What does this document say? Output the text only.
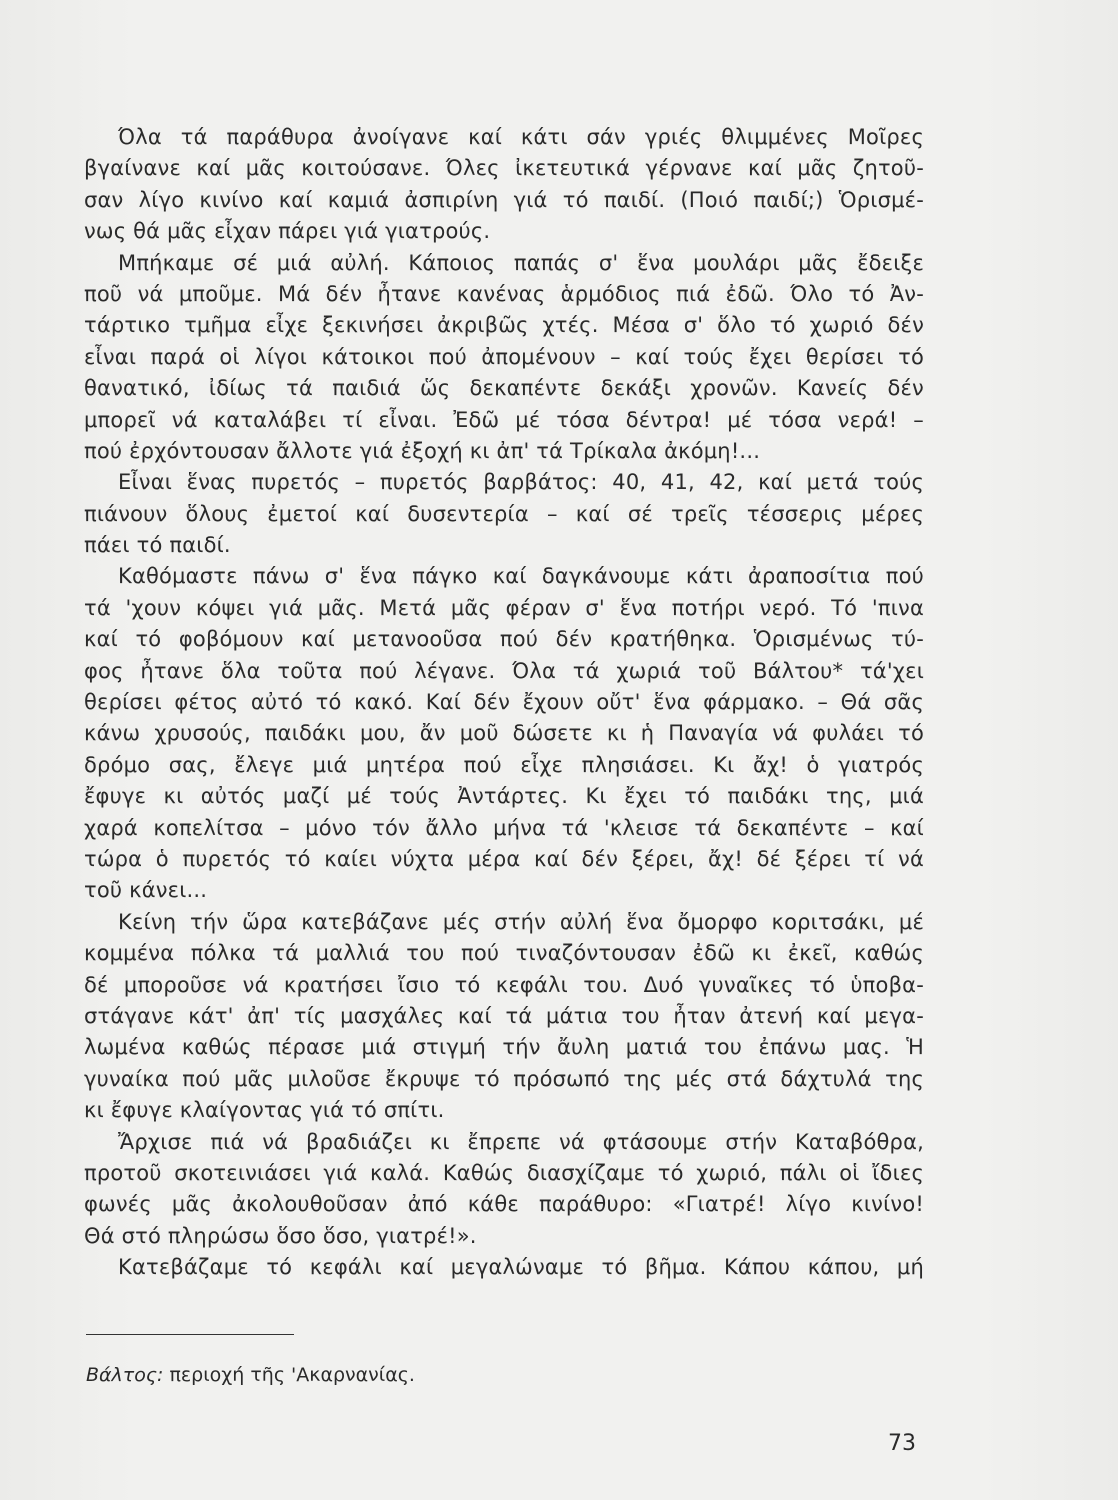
Όλα τά παράθυρα ἀνοίγανε καί κάτι σάν γριές θλιμμένες Μοῖρες
βγαίνανε καί μᾶς κοιτούσανε. Όλες ἰκετευτικά γέρνανε καί μᾶς ζητοῦ-
σαν λίγο κινίνο καί καμιά ἀσπιρίνη γιά τό παιδί. (Ποιό παιδί;) Ὁρισμέ-
νως θά μᾶς εἶχαν πάρει γιά γιατρούς.
Μπήκαμε σέ μιά αὐλή. Κάποιος παπάς σ' ἕνα μουλάρι μᾶς ἔδειξε
ποῦ νά μποῦμε. Μά δέν ἦτανε κανένας ἁρμόδιος πιά ἐδῶ. Όλο τό Ἀν-
τάρτικο τμῆμα εἶχε ξεκινήσει ἀκριβῶς χτές. Μέσα σ' ὅλο τό χωριό δέν
εἶναι παρά οἱ λίγοι κάτοικοι πού ἀπομένουν – καί τούς ἔχει θερίσει τό
θανατικό, ἰδίως τά παιδιά ὥς δεκαπέντε δεκάξι χρονῶν. Κανείς δέν
μπορεῖ νά καταλάβει τί εἶναι. Ἐδῶ μέ τόσα δέντρα! μέ τόσα νερά! –
πού ἐρχόντουσαν ἄλλοτε γιά ἐξοχή κι ἀπ' τά Τρίκαλα ἀκόμη!...
Εἶναι ἕνας πυρετός – πυρετός βαρβάτος: 40, 41, 42, καί μετά τούς
πιάνουν ὅλους ἐμετοί καί δυσεντερία – καί σέ τρεῖς τέσσερις μέρες
πάει τό παιδί.
Καθόμαστε πάνω σ' ἕνα πάγκο καί δαγκάνουμε κάτι ἀραποσίτια πού
τά 'χουν κόψει γιά μᾶς. Μετά μᾶς φέραν σ' ἕνα ποτήρι νερό. Τό 'πινα
καί τό φοβόμουν καί μετανοοῦσα πού δέν κρατήθηκα. Ὁρισμένως τύ-
φος ἦτανε ὅλα τοῦτα πού λέγανε. Όλα τά χωριά τοῦ Βάλτου* τά'χει
θερίσει φέτος αὐτό τό κακό. Καί δέν ἔχουν οὔτ' ἕνα φάρμακο. – Θά σᾶς
κάνω χρυσούς, παιδάκι μου, ἄν μοῦ δώσετε κι ἡ Παναγία νά φυλάει τό
δρόμο σας, ἔλεγε μιά μητέρα πού εἶχε πλησιάσει. Κι ἄχ! ὁ γιατρός
ἔφυγε κι αὐτός μαζί μέ τούς Ἀντάρτες. Κι ἔχει τό παιδάκι της, μιά
χαρά κοπελίτσα – μόνο τόν ἄλλο μήνα τά 'κλεισε τά δεκαπέντε – καί
τώρα ὁ πυρετός τό καίει νύχτα μέρα καί δέν ξέρει, ἄχ! δέ ξέρει τί νά
τοῦ κάνει...
Κείνη τήν ὥρα κατεβάζανε μές στήν αὐλή ἕνα ὄμορφο κοριτσάκι, μέ
κομμένα πόλκα τά μαλλιά του πού τιναζόντουσαν ἐδῶ κι ἐκεῖ, καθώς
δέ μποροῦσε νά κρατήσει ἴσιο τό κεφάλι του. Δυό γυναῖκες τό ὑποβα-
στάγανε κάτ' ἀπ' τίς μασχάλες καί τά μάτια του ἦταν ἀτενή καί μεγα-
λωμένα καθώς πέρασε μιά στιγμή τήν ἄυλη ματιά του ἐπάνω μας. Ἡ
γυναίκα πού μᾶς μιλοῦσε ἔκρυψε τό πρόσωπό της μές στά δάχτυλά της
κι ἔφυγε κλαίγοντας γιά τό σπίτι.
Ἄρχισε πιά νά βραδιάζει κι ἔπρεπε νά φτάσουμε στήν Καταβόθρα,
προτοῦ σκοτεινιάσει γιά καλά. Καθώς διασχίζαμε τό χωριό, πάλι οἱ ἴδιες
φωνές μᾶς ἀκολουθοῦσαν ἀπό κάθε παράθυρο: «Γιατρέ! λίγο κινίνο!
Θά στό πληρώσω ὅσο ὅσο, γιατρέ!».
Κατεβάζαμε τό κεφάλι καί μεγαλώναμε τό βῆμα. Κάπου κάπου, μή
Βάλτος: περιοχή τῆς 'Ακαρνανίας.
73
